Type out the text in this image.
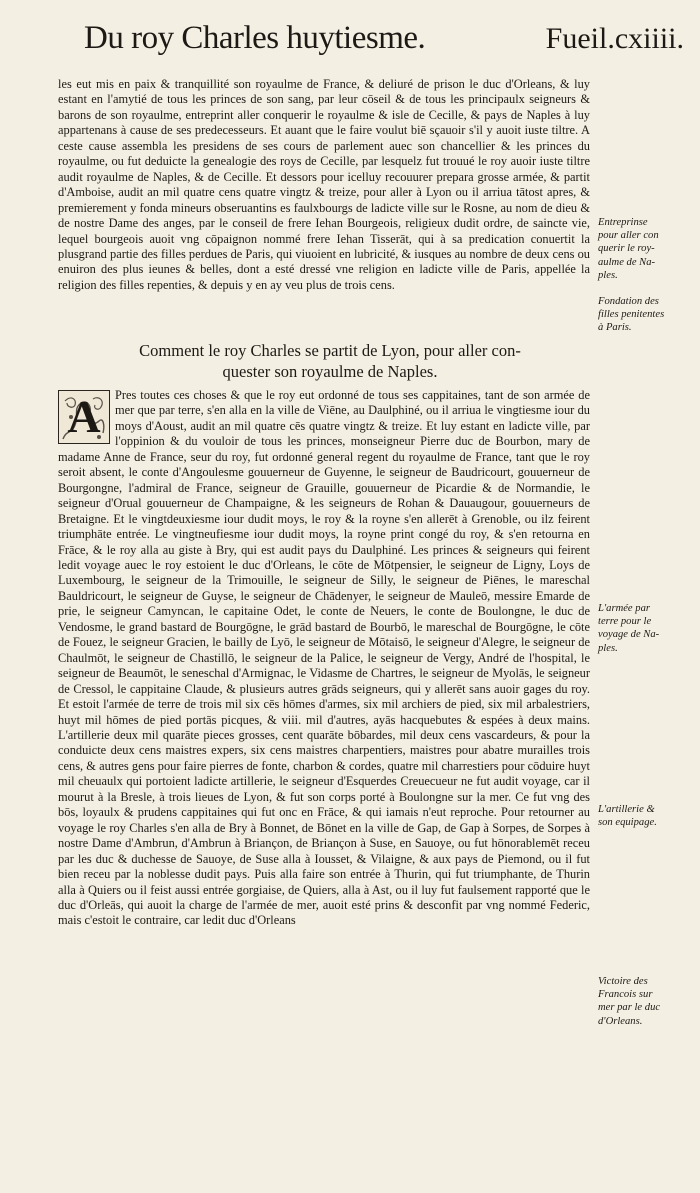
Du roy Charles huytiesme.	Fueil.cxiiii.

les eut mis en paix & tranquillité son royaulme de France, & deliuré de prison le duc d'Orleans, & luy estant en l'amytié de tous les princes de son sang, par leur cōseil & de tous les principaulx seigneurs & barons de son royaulme, entreprint aller conquerir le royaulme & isle de Cecille, & pays de Naples à luy appartenans à cause de ses predecesseurs. Et auant que le faire voulut biē sçauoir s'il y auoit iuste tiltre. A ceste cause assembla les presidens de ses cours de parlement auec son chancellier & les princes du royaulme, ou fut deduicte la genealogie des roys de Cecille, par lesquelz fut trouué le roy auoir iuste tiltre audit royaulme de Naples, & de Cecille. Et dessors pour icelluy recouurer prepara grosse armée, & partit d'Amboise, audit an mil quatre cens quatre vingtz & treize, pour aller à Lyon ou il arriua tātost apres, & premierement y fonda mineurs obseruantins es faulxbourgs de ladicte ville sur le Rosne, au nom de dieu & de nostre Dame des anges, par le conseil de frere Iehan Bourgeois, religieux dudit ordre, de saincte vie, lequel bourgeois auoit vng cōpaignon nommé frere Iehan Tisserāt, qui à sa predication conuertit la plusgrand partie des filles perdues de Paris, qui viuoient en lubricité, & iusques au nombre de deux cens ou enuiron des plus ieunes & belles, dont a esté dressé vne religion en ladicte ville de Paris, appellée la religion des filles repenties, & depuis y en ay veu plus de trois cens.

Comment le roy Charles se partit de Lyon, pour aller con-
quester son royaulme de Naples.
A	Pres toutes ces choses & que le roy eut ordonné de tous ses cappitaines, tant de son armée de mer que par terre, s'en alla en la ville de Viēne, au Daulphiné, ou il arriua le vingtiesme iour du moys d'Aoust, audit an mil quatre cēs quatre vingtz & treize. Et luy estant en ladicte ville, par l'oppinion & du vouloir de tous les princes, monseigneur Pierre duc de Bourbon, mary de madame Anne de France, seur du roy, fut ordonné general regent du royaulme de France, tant que le roy seroit absent, le conte d'Angoulesme gouuerneur de Guyenne, le seigneur de Baudricourt, gouuerneur de Bourgongne, l'admiral de France, seigneur de Grauille, gouuerneur de Picardie & de Normandie, le seigneur d'Orual gouuerneur de Champaigne, & les seigneurs de Rohan & Dauaugour, gouuerneurs de Bretaigne. Et le vingtdeuxiesme iour dudit moys, le roy & la royne s'en allerēt à Grenoble, ou ilz feirent triumphāte entrée. Le vingtneufiesme iour dudit moys, la royne print congé du roy, & s'en retourna en Frāce, & le roy alla au giste à Bry, qui est audit pays du Daulphiné. Les princes & seigneurs qui feirent ledit voyage auec le roy estoient le duc d'Orleans, le cōte de Mōtpensier, le seigneur de Ligny, Loys de Luxembourg, le seigneur de la Trimouille, le seigneur de Silly, le seigneur de Piēnes, le mareschal Bauldricourt, le seigneur de Guyse, le seigneur de Chādenyer, le seigneur de Mauleō, messire Emarde de prie, le seigneur Camyncan, le capitaine Odet, le conte de Neuers, le conte de Boulongne, le duc de Vendosme, le grand bastard de Bourgōgne, le grād bastard de Bourbō, le mareschal de Bourgōgne, le cōte de Fouez, le seigneur Gracien, le bailly de Lyō, le seigneur de Mōtaisō, le seigneur d'Alegre, le seigneur de Chaulmōt, le seigneur de Chastillō, le seigneur de la Palice, le seigneur de Vergy, André de l'hospital, le seigneur de Beaumōt, le seneschal d'Armignac, le Vidasme de Chartres, le seigneur de Myolās, le seigneur de Cressol, le cappitaine Claude, & plusieurs autres grāds seigneurs, qui y allerēt sans auoir gages du roy. Et estoit l'armée de terre de trois mil six cēs hōmes d'armes, six mil archiers de pied, six mil arbalestriers, huyt mil hōmes de pied portās picques, & viii. mil d'autres, ayās hacquebutes & espées à deux mains. L'artillerie deux mil quarāte pieces grosses, cent quarāte bōbardes, mil deux cens vascardeurs, & pour la conduicte deux cens maistres expers, six cens maistres charpentiers, maistres pour abatre murailles trois cens, & autres gens pour faire pierres de fonte, charbon & cordes, quatre mil charrestiers pour cōduire huyt mil cheuaulx qui portoient ladicte artillerie, le seigneur d'Esquerdes Creuecueur ne fut audit voyage, car il mourut à la Bresle, à trois lieues de Lyon, & fut son corps porté à Boulongne sur la mer. Ce fut vng des bōs, loyaulx & prudens cappitaines qui fut onc en Frāce, & qui iamais n'eut reproche. Pour retourner au voyage le roy Charles s'en alla de Bry à Bonnet, de Bōnet en la ville de Gap, de Gap à Sorpes, de Sorpes à nostre Dame d'Ambrun, d'Ambrun à Briançon, de Briançon à Suse, en Sauoye, ou fut hōnorablemēt receu par les duc & duchesse de Sauoye, de Suse alla à Iousset, & Vilaigne, & aux pays de Piemond, ou il fut bien receu par la noblesse dudit pays. Puis alla faire son entrée à Thurin, qui fut triumphante, de Thurin alla à Quiers ou il feist aussi entrée gorgiaise, de Quiers, alla à Ast, ou il luy fut faulsement rapporté que le duc d'Orleās, qui auoit la charge de l'armée de mer, auoit esté prins & desconfit par vng nommé Federic, mais c'estoit le contraire, car ledit duc d'Orleans

Entreprinse

pour aller con

querir le roy-

aulme de Na-

ples.

Fondation des

filles penitentes

à Paris.

L'armée par

terre pour le

voyage de Na-

ples.

L'artillerie &

son equipage.

Victoire des

Francois sur

mer par le duc

d'Orleans.
